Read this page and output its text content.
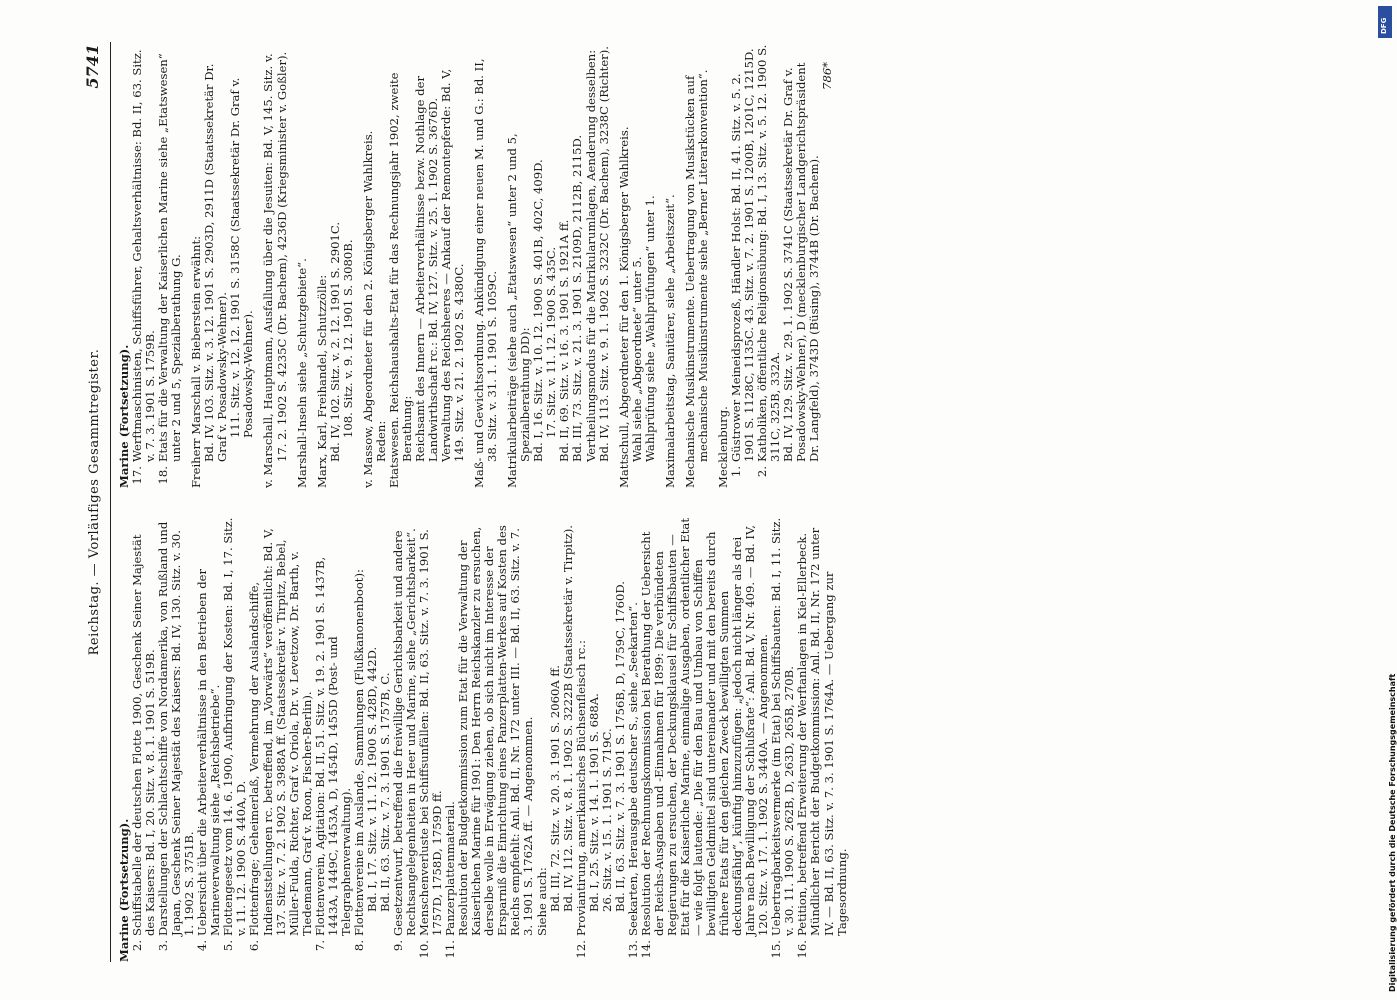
Reichstag. — Vorläufiges Gesammtregister.
5741

Marine (Fortsetzung). 2.Schiffstabelle der deutschen Flotte 1900, Geschenk Seiner Majestät des Kaisers: Bd. I, 20. Sitz. v. 8. 1. 1901 S. 519B.

3.Darstellungen der Schlachtschiffe von Nordamerika, von Rußland und Japan, Geschenk Seiner Majestät des Kaisers: Bd. IV, 130. Sitz. v. 30. 1. 1902 S. 3751B.

4.Uebersicht über die Arbeiterverhältnisse in den Betrieben der Marineverwaltung siehe „Reichsbetriebe“.

5.Flottengesetz vom 14. 6. 1900, Aufbringung der Kosten: Bd. I, 17. Sitz. v. 11. 12. 1900 S. 440A, D.

6.Flottenfrage; Geheimerlaß, Vermehrung der Auslandschiffe, Indienststellungen rc. betreffend, im „Vorwärts“ veröffentlicht: Bd. V, 137. Sitz. v. 7. 2. 1902 S. 3988A ff. (Staatssekretär v. Tirpitz, Bebel, Müller-Fulda, Richter, Graf v. Oriola, Dr. v. Levetzow, Dr. Barth, v. Tiedemann, Graf v. Roon, Fischer-Berlin).

7.Flottenverein, Agitation: Bd. II, 51. Sitz. v. 19. 2. 1901 S. 1437B, 1443A, 1449C, 1453A, D, 1454D, 1455D (Post- und Telegraphenverwaltung).

8.Flottenvereine im Auslande, Sammlungen (Flußkanonenboot): Bd. I, 17. Sitz. v. 11. 12. 1900 S. 428D, 442D. Bd. II, 63. Sitz. v. 7. 3. 1901 S. 1757B, C.

9.Gesetzentwurf, betreffend die freiwillige Gerichtsbarkeit und andere Rechtsangelegenheiten in Heer und Marine, siehe „Gerichtsbarkeit“.

10.Menschenverluste bei Schiffsunfällen: Bd. II, 63. Sitz. v. 7. 3. 1901 S. 1757D, 1758D, 1759D ff.

11.Panzerplattenmaterial. Resolution der Budgetkommission zum Etat für die Verwaltung der Kaiserlichen Marine für 1901: Den Herrn Reichskanzler zu ersuchen, derselbe wolle in Erwägung ziehen, ob sich nicht im Interesse der Ersparniß die Einrichtung eines Panzerplatten-Werkes auf Kosten des Reichs empfiehlt: Anl. Bd. II, Nr. 172 unter III. — Bd. II, 63. Sitz. v. 7. 3. 1901 S. 1762A ff. — Angenommen. Siehe auch: Bd. III, 72. Sitz. v. 20. 3. 1901 S. 2060A ff. Bd. IV, 112. Sitz. v. 8. 1. 1902 S. 3222B (Staatssekretär v. Tirpitz).

12.Proviantirung, amerikanisches Büchsenfleisch rc.: Bd. I, 25. Sitz. v. 14. 1. 1901 S. 688A. 26. Sitz. v. 15. 1. 1901 S. 719C. Bd. II, 63. Sitz. v. 7. 3. 1901 S. 1756B, D, 1759C, 1760D.

13.Seekarten, Herausgabe deutscher S., siehe „Seekarten“.

14.Resolution der Rechnungskommission bei Berathung der Uebersicht der Reichs-Ausgaben und -Einnahmen für 1899: Die verbündeten Regierungen zu ersuchen, der Deckungsklausel für Schiffsbauten — Etat für die Kaiserliche Marine, einmalige Ausgaben, ordentlicher Etat — wie folgt lautende: „Die für den Bau und Umbau von Schiffen bewilligten Geldmittel sind untereinander und mit den bereits durch frühere Etats für den gleichen Zweck bewilligten Summen deckungsfähig“, künftig hinzuzufügen: „jedoch nicht länger als drei Jahre nach Bewilligung der Schlußrate“: Anl. Bd. V, Nr. 409. — Bd. IV, 120. Sitz. v. 17. 1. 1902 S. 3440A. — Angenommen.

15.Uebertragbarkeitsvermerke (im Etat) bei Schiffsbauten: Bd. I, 11. Sitz. v. 30. 11. 1900 S. 262B, D, 263D, 265B, 270B.

16.Petition, betreffend Erweiterung der Werftanlagen in Kiel-Ellerbeck. Mündlicher Bericht der Budgetkommission: Anl. Bd. II, Nr. 172 unter IV. — Bd. II, 63. Sitz. v. 7. 3. 1901 S. 1764A. — Uebergang zur Tagesordnung.

Marine (Fortsetzung). 17.Werftmaschinisten, Schiffsführer, Gehaltsverhältnisse: Bd. II, 63. Sitz. v. 7. 3. 1901 S. 1759B.

18.Etats für die Verwaltung der Kaiserlichen Marine siehe „Etatswesen“ unter 2 und 5, Spezialberathung G. Freiherr Marschall v. Bieberstein erwähnt: Bd. IV, 103. Sitz. v. 3. 12. 1901 S. 2903D, 2911D (Staatssekretär Dr. Graf v. Posadowsky-Wehner). 111. Sitz. v. 12. 12. 1901 S. 3158C (Staatssekretär Dr. Graf v. Posadowsky-Wehner). v. Marschall, Hauptmann, Ausfallung über die Jesuiten: Bd. V, 145. Sitz. v. 17. 2. 1902 S. 4235C (Dr. Bachem), 4236D (Kriegsminister v. Goßler). Marshall-Inseln siehe „Schutzgebiete“. Marx, Karl, Freihandel, Schutzzölle: Bd. IV, 102. Sitz. v. 2. 12. 1901 S. 2901C. 108. Sitz. v. 9. 12. 1901 S. 3080B. v. Massow, Abgeordneter für den 2. Königsberger Wahlkreis. Reden: Etatswesen. Reichshaushalts-Etat für das Rechnungsjahr 1902, zweite Berathung: Reichsamt des Innern — Arbeiterverhältnisse bezw. Nothlage der Landwirthschaft rc.: Bd. IV, 127. Sitz. v. 25. 1. 1902 S. 3676D. Verwaltung des Reichsheeres — Ankauf der Remontepferde: Bd. V, 149. Sitz. v. 21. 2. 1902 S. 4380C. Maß- und Gewichtsordnung. Ankündigung einer neuen M. und G.: Bd. II, 38. Sitz. v. 31. 1. 1901 S. 1059C. Matrikularbeiträge (siehe auch „Etatswesen“ unter 2 und 5, Spezialberathung DD): Bd. I, 16. Sitz. v. 10. 12. 1900 S. 401B, 402C, 409D. 17. Sitz. v. 11. 12. 1900 S. 435C. Bd. II, 69. Sitz. v. 16. 3. 1901 S. 1921A ff. Bd. III, 73. Sitz. v. 21. 3. 1901 S. 2109D, 2112B, 2115D. Vertheilungsmodus für die Matrikularumlagen, Aenderung desselben: Bd. IV, 113. Sitz. v. 9. 1. 1902 S. 3232C (Dr. Bachem), 3238C (Richter). Mattschull, Abgeordneter für den 1. Königsberger Wahlkreis. Wahl siehe „Abgeordnete“ unter 5. Wahlprüfung siehe „Wahlprüfungen“ unter 1. Maximalarbeitstag, Sanitärer, siehe „Arbeitszeit“. Mechanische Musikinstrumente. Uebertragung von Musikstücken auf mechanische Musikinstrumente siehe „Berner Literarkonvention“. Mecklenburg. 1.Güstrower Meineidsprozeß, Händler Holst: Bd. II, 41. Sitz. v. 5. 2. 1901 S. 1128C, 1135C. 43. Sitz. v. 7. 2. 1901 S. 1200B, 1201C, 1215D.

2.Katholiken, öffentliche Religionsübung: Bd. I, 13. Sitz. v. 5. 12. 1900 S. 311C, 325B, 332A. Bd. IV, 129. Sitz. v. 29. 1. 1902 S. 3741C (Staatssekretär Dr. Graf v. Posadowsky-Wehner), D (mecklenburgischer Landgerichtspräsident Dr. Langfeld), 3743D (Büsing), 3744B (Dr. Bachem).

786*

DFG
Digitalisierung gefördert durch die Deutsche Forschungsgemeinschaft
